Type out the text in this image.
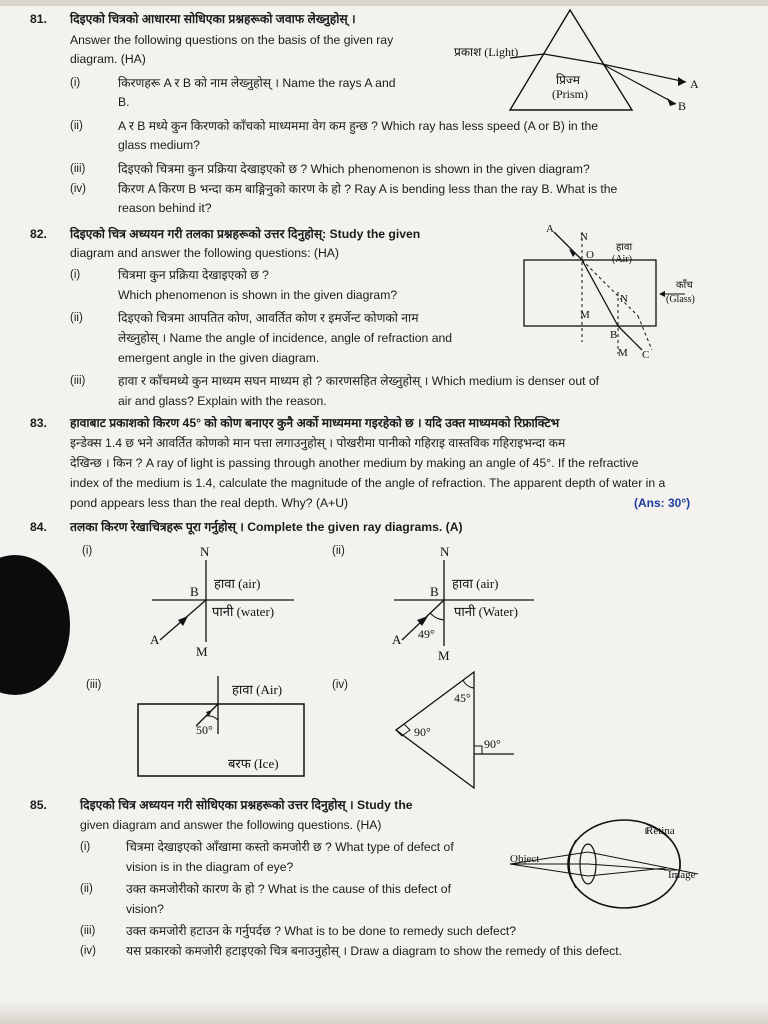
81. दिइएको चित्रको आधारमा सोधिएका प्रश्नहरूको जवाफ लेख्नुहोस् ।
Answer the following questions on the basis of the given ray
diagram. (HA)
(i)	किरणहरू A र B को नाम लेख्नुहोस् । Name the rays A and
B.
(ii)	A र B मध्ये कुन किरणको काँचको माध्यममा वेग कम हुन्छ ? Which ray has less speed (A or B) in the
glass medium?
(iii)	दिइएको चित्रमा कुन प्रक्रिया देखाइएको छ ? Which phenomenon is shown in the given diagram?
(iv)	किरण A किरण B भन्दा कम बाङ्गिनुको कारण के हो ? Ray A is bending less than the ray B. What is the
reason behind it?
प्रकाश (Light)
प्रिज्म
(Prism)
A
B
82. दिइएको चित्र अध्ययन गरी तलका प्रश्नहरूको उत्तर दिनुहोस्: Study the given
diagram and answer the following questions: (HA)
(i)	चित्रमा कुन प्रक्रिया देखाइएको छ ?
Which phenomenon is shown in the given diagram?
(ii)	दिइएको चित्रमा आपतित कोण, आवर्तित कोण र इमर्जेन्ट कोणको नाम
लेख्नुहोस् । Name the angle of incidence, angle of refraction and
emergent angle in the given diagram.
(iii)	हावा र काँचमध्ये कुन माध्यम सघन माध्यम हो ? कारणसहित लेख्नुहोस् । Which medium is denser out of
air and glass? Explain with the reason.
A
N
O
हावा
(Air)
काँच
(Glass)
N
M
B
M C
83. हावाबाट प्रकाशको किरण 45° को कोण बनाएर कुनै अर्को माध्यममा गइरहेको छ । यदि उक्त माध्यमको रिफ्राक्टिभ
इन्डेक्स 1.4 छ भने आवर्तित कोणको मान पत्ता लगाउनुहोस् । पोखरीमा पानीको गहिराइ वास्तविक गहिराइभन्दा कम
देखिन्छ । किन ? A ray of light is passing through another medium by making an angle of 45°. If the refractive
index of the medium is 1.4, calculate the magnitude of the angle of refraction. The apparent depth of water in a
pond appears less than the real depth. Why? (A+U)	(Ans: 30°)
84. तलका किरण रेखाचित्रहरू पूरा गर्नुहोस् । Complete the given ray diagrams. (A)
(i)	N
B
हावा (air)
पानी (water)
A
M
(ii)	N
B
हावा (air)
पानी (Water)
A 49°
M
(iii)	हावा (Air)
50°
बरफ (Ice)
(iv)
45°
90°
90°
85.	दिइएको चित्र अध्ययन गरी सोधिएका प्रश्नहरूको उत्तर दिनुहोस् । Study the
given diagram and answer the following questions. (HA)
(i)	चित्रमा देखाइएको आँखामा कस्तो कमजोरी छ ? What type of defect of
vision is in the diagram of eye?
(ii)	उक्त कमजोरीको कारण के हो ? What is the cause of this defect of
vision?
(iii)	उक्त कमजोरी हटाउन के गर्नुपर्दछ ? What is to be done to remedy such defect?
(iv) यस प्रकारको कमजोरी हटाइएको चित्र बनाउनुहोस् । Draw a diagram to show the remedy of this defect.
Retina
Object
Image
